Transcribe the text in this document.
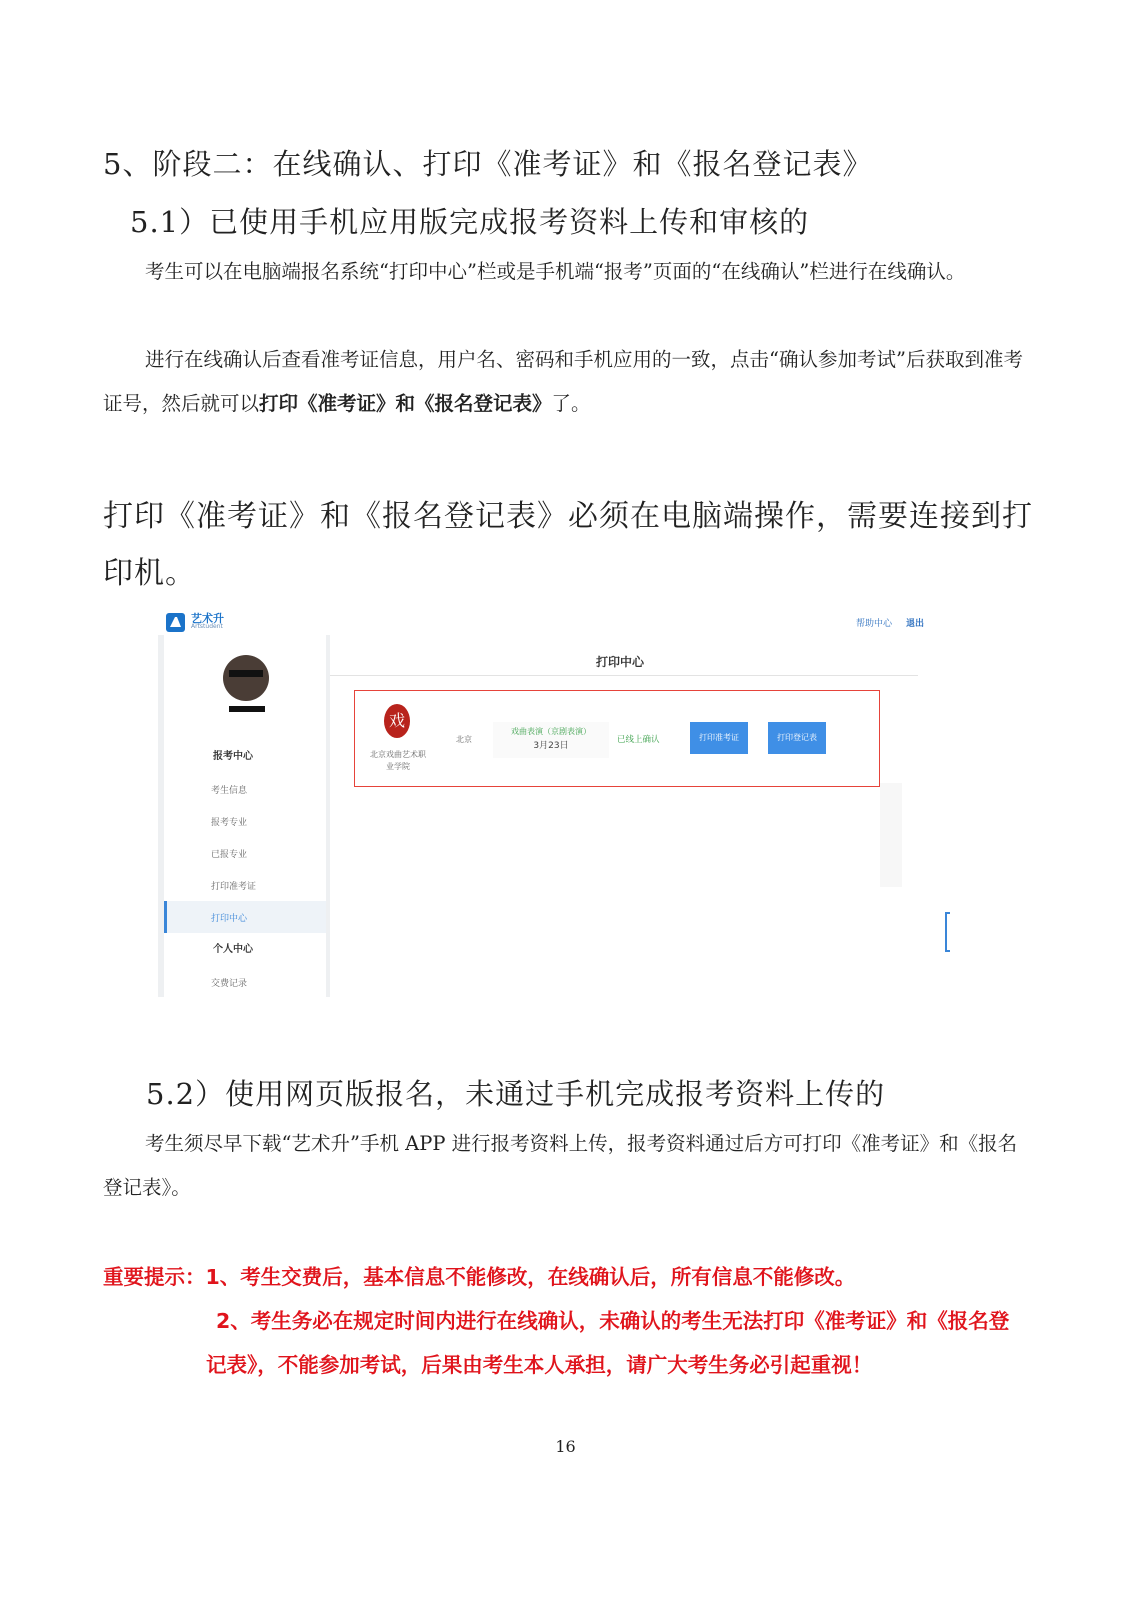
5、阶段二：在线确认、打印《准考证》和《报名登记表》
5.1）已使用手机应用版完成报考资料上传和审核的
考生可以在电脑端报名系统“打印中心”栏或是手机端“报考”页面的“在线确认”栏进行在线确认。
进行在线确认后查看准考证信息，用户名、密码和手机应用的一致，点击“确认参加考试”后获取到准考证号，然后就可以打印《准考证》和《报名登记表》了。
打印《准考证》和《报名登记表》必须在电脑端操作，需要连接到打印机。
艺术升
Artstudent	帮助中心 退出
报考中心
考生信息
报考专业
已报专业
打印准考证
打印中心
个人中心
交费记录
打印中心
戏
北京戏曲艺术职业学院
北京
戏曲表演（京剧表演）
3月23日
已线上确认	打印准考证	打印登记表
5.2）使用网页版报名，未通过手机完成报考资料上传的
考生须尽早下载“艺术升”手机 APP 进行报考资料上传，报考资料通过后方可打印《准考证》和《报名登记表》。
重要提示：1、考生交费后，基本信息不能修改，在线确认后，所有信息不能修改。
2、考生务必在规定时间内进行在线确认，未确认的考生无法打印《准考证》和《报名登记表》，不能参加考试，后果由考生本人承担，请广大考生务必引起重视！
16
